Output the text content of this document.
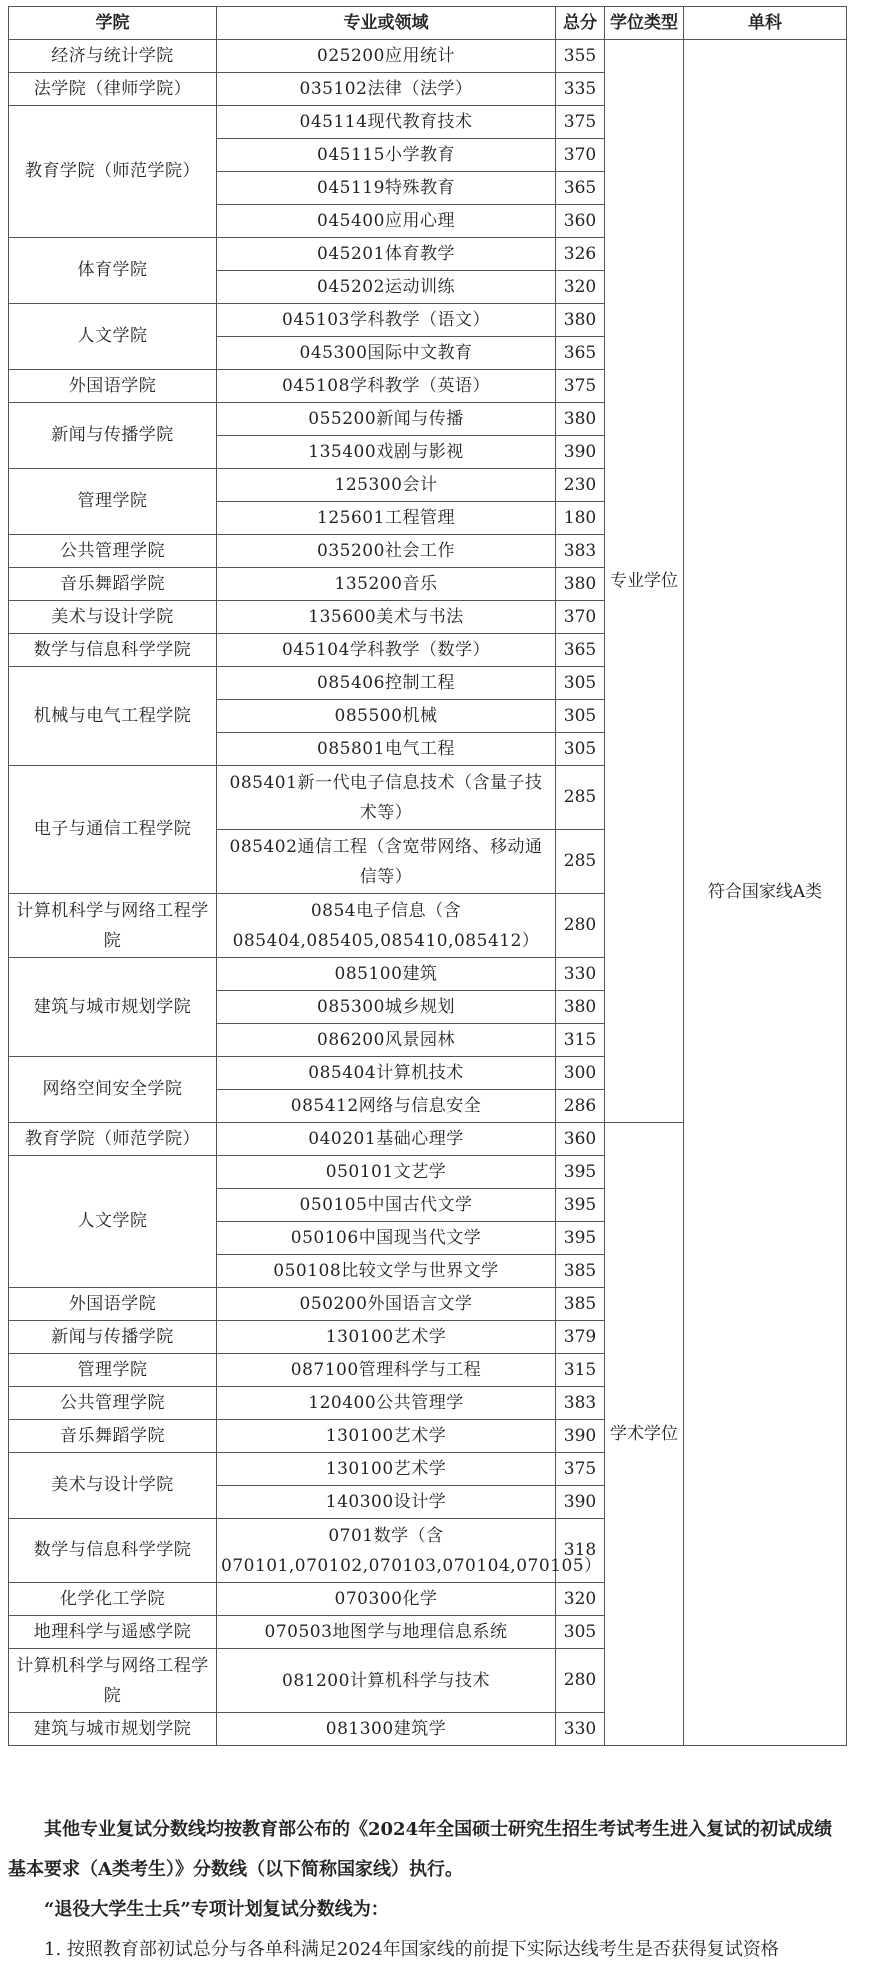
学院	专业或领域	总分	学位类型	单科
经济与统计学院	025200应用统计	355	专业学位	符合国家线A类
法学院（律师学院）	035102法律（法学）	335		
教育学院（师范学院）	045114现代教育技术	375		
	045115小学教育	370		
	045119特殊教育	365		
	045400应用心理	360		
体育学院	045201体育教学	326		
	045202运动训练	320		
人文学院	045103学科教学（语文）	380		
	045300国际中文教育	365		
外国语学院	045108学科教学（英语）	375		
新闻与传播学院	055200新闻与传播	380		
	135400戏剧与影视	390		
管理学院	125300会计	230		
	125601工程管理	180		
公共管理学院	035200社会工作	383		
音乐舞蹈学院	135200音乐	380		
美术与设计学院	135600美术与书法	370		
数学与信息科学学院	045104学科教学（数学）	365		
机械与电气工程学院	085406控制工程	305		
	085500机械	305		
	085801电气工程	305		
电子与通信工程学院	085401新一代电子信息技术（含量子技术等）	285		
	085402通信工程（含宽带网络、移动通信等）	285		
计算机科学与网络工程学院	0854电子信息（含085404,085405,085410,085412）	280		
建筑与城市规划学院	085100建筑	330		
	085300城乡规划	380		
	086200风景园林	315		
网络空间安全学院	085404计算机技术	300		
	085412网络与信息安全	286		
教育学院（师范学院）	040201基础心理学	360	学术学位	
人文学院	050101文艺学	395		
	050105中国古代文学	395		
	050106中国现当代文学	395		
	050108比较文学与世界文学	385		
外国语学院	050200外国语言文学	385		
新闻与传播学院	130100艺术学	379		
管理学院	087100管理科学与工程	315		
公共管理学院	120400公共管理学	383		
音乐舞蹈学院	130100艺术学	390		
美术与设计学院	130100艺术学	375		
	140300设计学	390		
数学与信息科学学院	0701数学（含070101,070102,070103,070104,070105）	318		
化学化工学院	070300化学	320		
地理科学与遥感学院	070503地图学与地理信息系统	305		
计算机科学与网络工程学院	081200计算机科学与技术	280		
建筑与城市规划学院	081300建筑学	330		

其他专业复试分数线均按教育部公布的《2024年全国硕士研究生招生考试考生进入复试的初试成绩基本要求（A类考生）》分数线（以下简称国家线）执行。

“退役大学生士兵”专项计划复试分数线为：

1. 按照教育部初试总分与各单科满足2024年国家线的前提下实际达线考生是否获得复试资格
